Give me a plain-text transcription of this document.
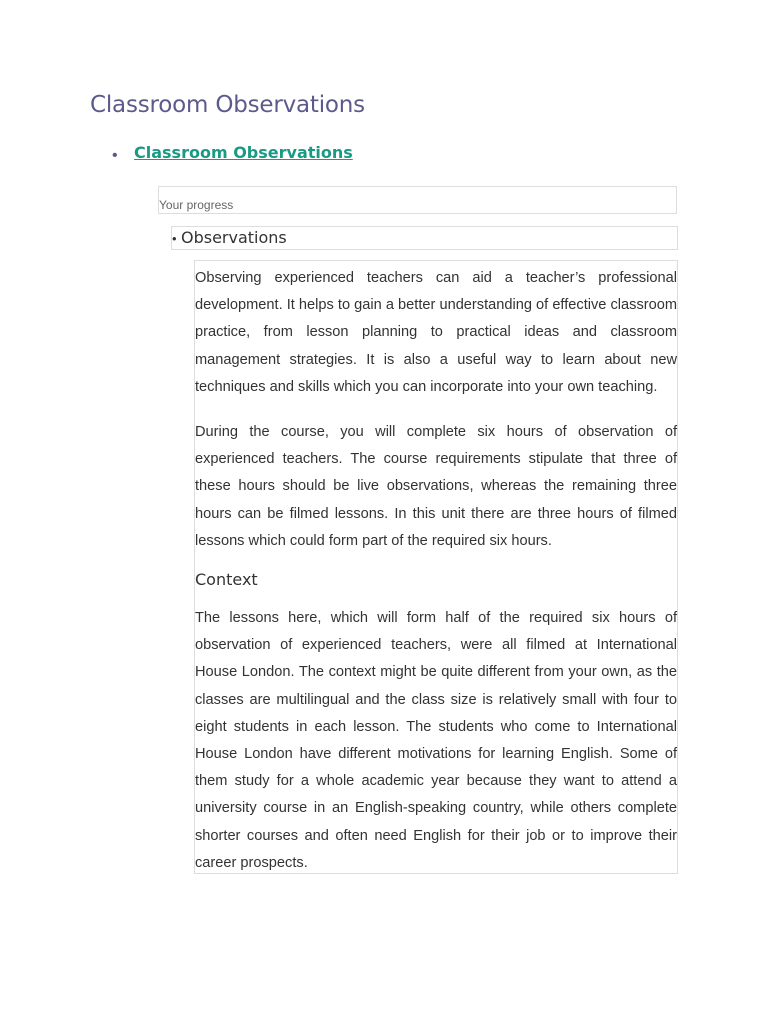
Classroom Observations
• Classroom Observations
Your progress
• Observations

Observing experienced teachers can aid a teacher’s professional development. It helps to gain a better understanding of effective classroom practice, from lesson planning to practical ideas and classroom management strategies. It is also a useful way to learn about new techniques and skills which you can incorporate into your own teaching.

During the course, you will complete six hours of observation of experienced teachers. The course requirements stipulate that three of these hours should be live observations, whereas the remaining three hours can be filmed lessons. In this unit there are three hours of filmed lessons which could form part of the required six hours.

Context

The lessons here, which will form half of the required six hours of observation of experienced teachers, were all filmed at International House London. The context might be quite different from your own, as the classes are multilingual and the class size is relatively small with four to eight students in each lesson. The students who come to International House London have different motivations for learning English. Some of them study for a whole academic year because they want to attend a university course in an English-speaking country, while others complete shorter courses and often need English for their job or to improve their career prospects.
